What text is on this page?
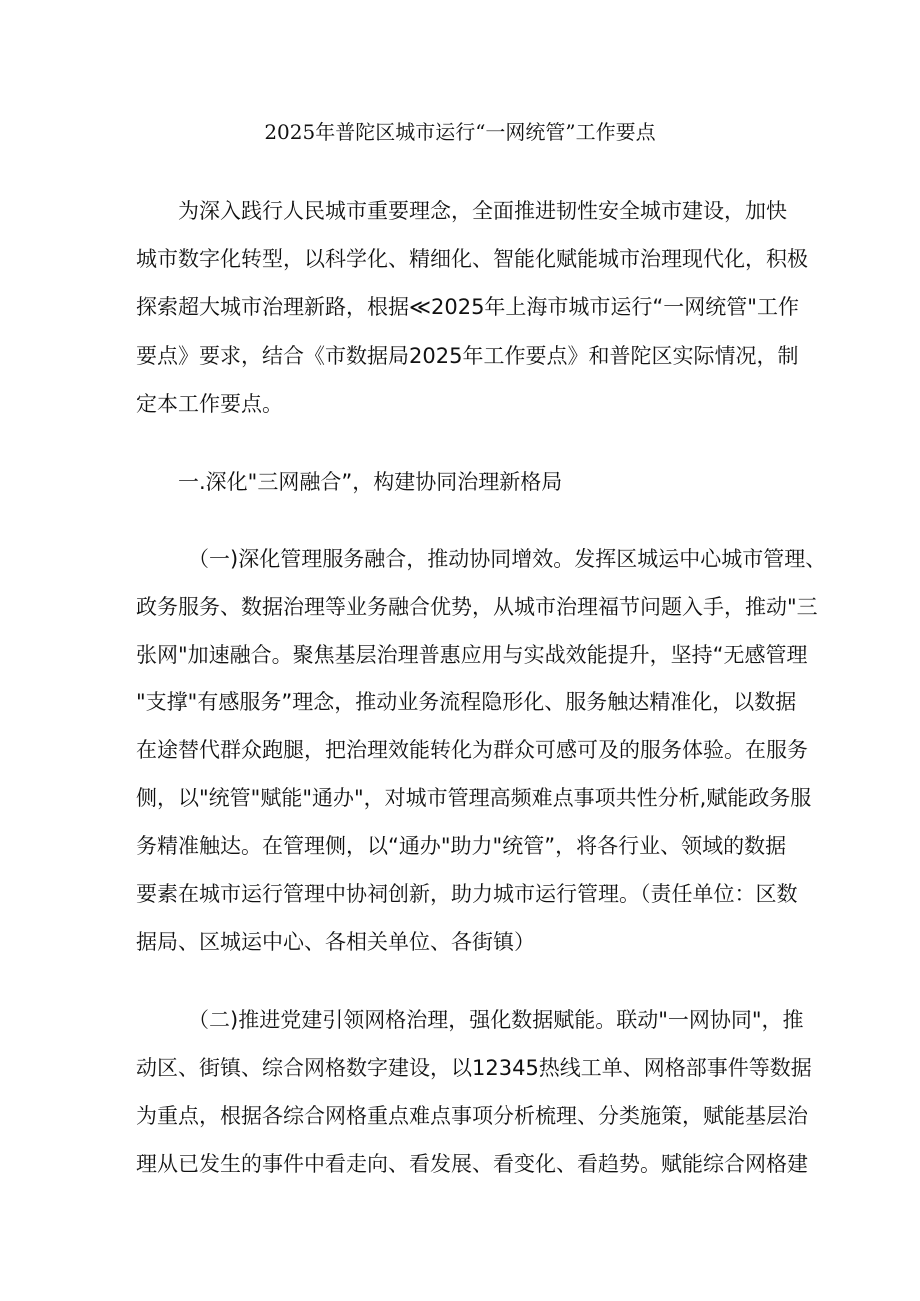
2025年普陀区城市运行“一网统管”工作要点
为深入践行人民城市重要理念，全面推进韧性安全城市建设，加快
城市数字化转型，以科学化、精细化、智能化赋能城市治理现代化，积极
探索超大城市治理新路，根据≪2025年上海市城市运行“一网统管"工作
要点》要求，结合《市数据局2025年工作要点》和普陀区实际情况，制
定本工作要点。
一.深化"三网融合”，构建协同治理新格局
（一)深化管理服务融合，推动协同增效。发挥区城运中心城市管理、
政务服务、数据治理等业务融合优势，从城市治理福节问题入手，推动"三
张网"加速融合。聚焦基层治理普惠应用与实战效能提升，坚持“无感管理
"支撑"有感服务”理念，推动业务流程隐形化、服务触达精准化，以数据
在途替代群众跑腿，把治理效能转化为群众可感可及的服务体验。在服务
侧，以"统管"赋能"通办"，对城市管理高频难点事项共性分析,赋能政务服
务精准触达。在管理侧，以“通办"助力"统管”，将各行业、领域的数据
要素在城市运行管理中协祠创新，助力城市运行管理。（责任单位：区数
据局、区城运中心、各相关单位、各街镇）
（二)推进党建引领网格治理，强化数据赋能。联动"一网协同"，推
动区、街镇、综合网格数字建设，以12345热线工单、网格部事件等数据
为重点，根据各综合网格重点难点事项分析梳理、分类施策，赋能基层治
理从已发生的事件中看走向、看发展、看变化、看趋势。赋能综合网格建
